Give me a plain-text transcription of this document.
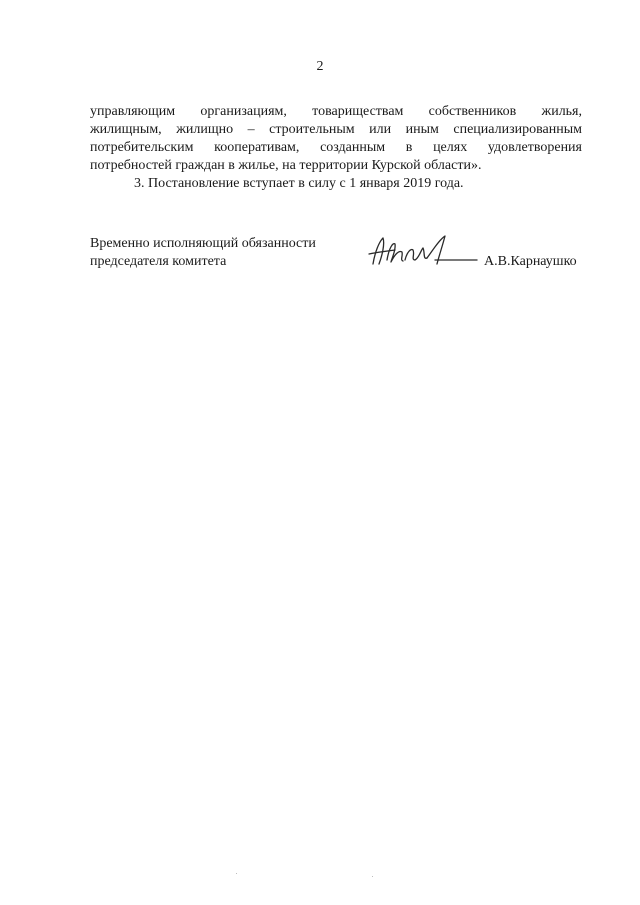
2
управляющим организациям, товариществам собственников жилья,
жилищным, жилищно – строительным или иным специализированным
потребительским кооперативам, созданным в целях удовлетворения
потребностей граждан в жильe, на территории Курской области».
3. Постановление вступает в силу с 1 января 2019 года.
Временно исполняющий обязанности
председателя комитета	А.В.Карнаушко
